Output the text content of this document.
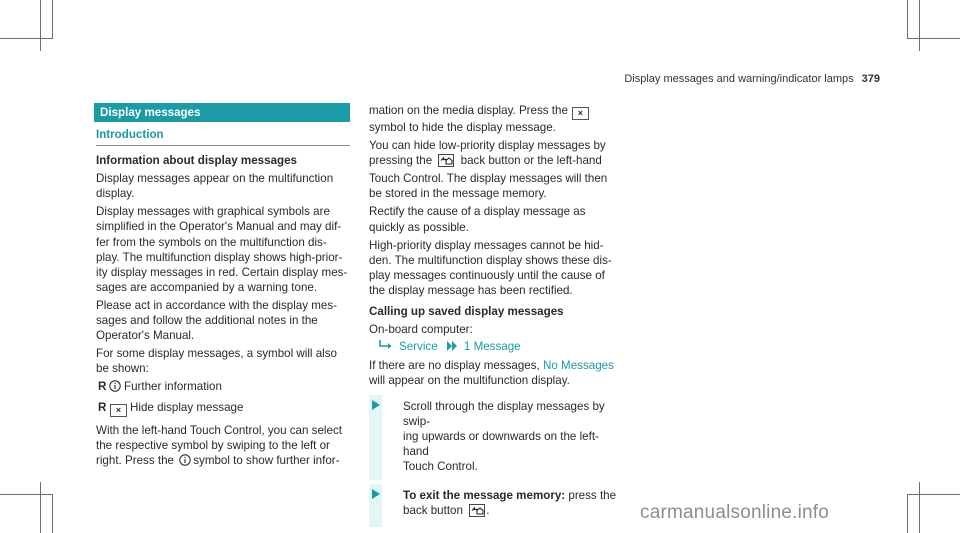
Display messages and warning/indicator lamps 379
Display messages
Introduction
Information about display messages
Display messages appear on the multifunction
display.
Display messages with graphical symbols are
simplified in the Operator's Manual and may dif-
fer from the symbols on the multifunction dis-
play. The multifunction display shows high-prior-
ity display messages in red. Certain display mes-
sages are accompanied by a warning tone.
Please act in accordance with the display mes-
sages and follow the additional notes in the
Operator's Manual.
For some display messages, a symbol will also
be shown:
R Further information
R × Hide display message
With the left-hand Touch Control, you can select
the respective symbol by swiping to the left or
right. Press the symbol to show further infor-
mation on the media display. Press the ×
symbol to hide the display message.
You can hide low-priority display messages by
pressing the back button or the left-hand
Touch Control. The display messages will then
be stored in the message memory.
Rectify the cause of a display message as
quickly as possible.
High-priority display messages cannot be hid-
den. The multifunction display shows these dis-
play messages continuously until the cause of
the display message has been rectified.
Calling up saved display messages
On-board computer:
Service 1 Message
If there are no display messages, No Messages
will appear on the multifunction display.
Scroll through the display messages by swip-
ing upwards or downwards on the left-hand
Touch Control.
To exit the message memory: press the
back button .	carmanualsonline.info
